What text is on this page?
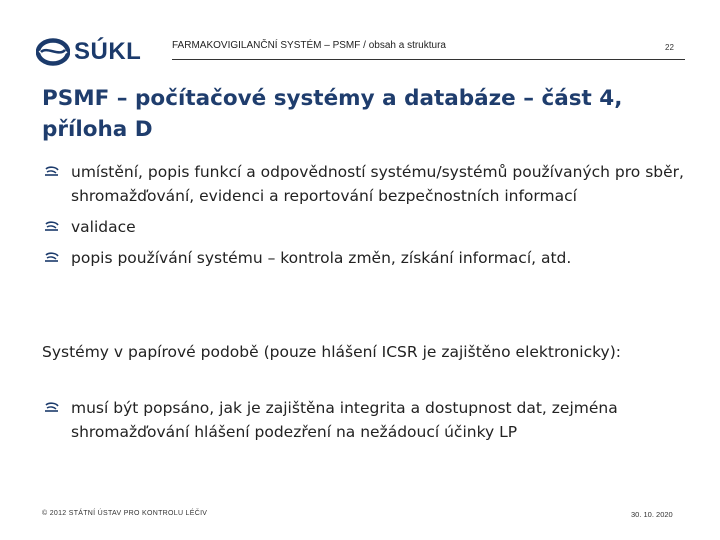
SÚKL	FARMAKOVIGILANČNÍ SYSTÉM – PSMF / obsah a struktura	22
PSMF – počítačové systémy a databáze – část 4, příloha D
umístění, popis funkcí a odpovědností systému/systémů používaných pro sběr, shromažďování, evidenci a reportování bezpečnostních informací
validace
popis používání systému – kontrola změn, získání informací, atd.

Systémy v papírové podobě (pouze hlášení ICSR je zajištěno elektronicky):

musí být popsáno, jak je zajištěna integrita a dostupnost dat, zejména shromažďování hlášení podezření na nežádoucí účinky LP
© 2012 STÁTNÍ ÚSTAV PRO KONTROLU LÉČIV	30. 10. 2020
